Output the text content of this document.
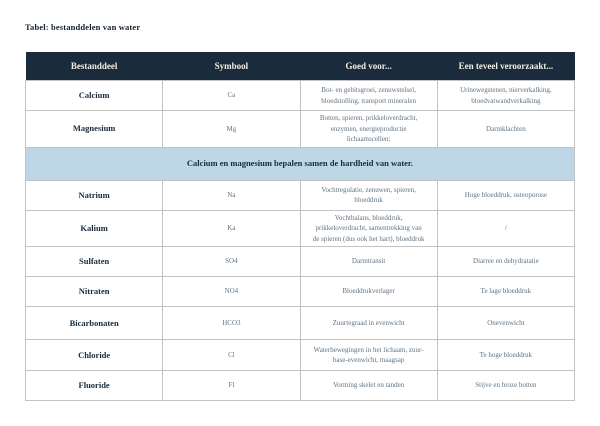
Tabel: bestanddelen van water
Bestanddeel	Symbool	Goed voor...	Een teveel veroorzaakt...
Calcium	Ca	Bot- en gebitsgroei, zenuwstelsel, bloedstolling, transport mineralen	Urinewegstenen, nierverkalking, bloedvatwandverkalking
Magnesium	Mg	Botten, spieren, prikkeloverdracht, enzymen, energieproductie lichaamscellen;	Darmklachten
Calcium en magnesium bepalen samen de hardheid van water.			
Natrium	Na	Vochtregulatie, zenuwen, spieren, bloeddruk	Hoge bloeddruk, osteoporose
Kalium	Ka	Vochtbalans, bloeddruk, prikkeloverdracht, samentrekking van de spieren (dus ook het hart), bloeddruk	/
Sulfaten	SO4	Darmtransit	Diarree en dehydratatie
Nitraten	NO4	Bloeddrukverlager	Te lage bloeddruk
Bicarbonaten	HCO3	Zuurtegraad in evenwicht	Onevenwicht
Chloride	Cl	Waterbewegingen in het lichaam, zuur-base-evenwicht, maagsap	Te hoge bloeddruk
Fluoride	Fl	Vorming skelet en tanden	Stijve en broze botten
